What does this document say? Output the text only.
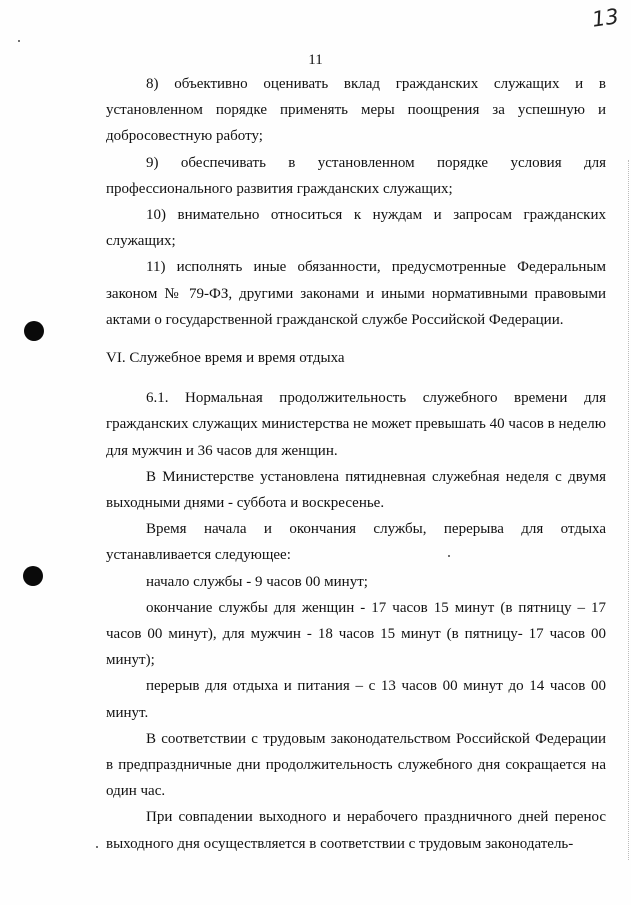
13
11

8) объективно оценивать вклад гражданских служащих и в установленном порядке применять меры поощрения за успешную и добросовестную работу;

9) обеспечивать в установленном порядке условия для профессионального развития гражданских служащих;

10) внимательно относиться к нуждам и запросам гражданских служащих;

11) исполнять иные обязанности, предусмотренные Федеральным законом № 79-ФЗ, другими законами и иными нормативными правовыми актами о государственной гражданской службе Российской Федерации.

VI. Служебное время и время отдыха

6.1. Нормальная продолжительность служебного времени для гражданских служащих министерства не может превышать 40 часов в неделю для мужчин и 36 часов для женщин.

В Министерстве установлена пятидневная служебная неделя с двумя выходными днями - суббота и воскресенье.

Время начала и окончания службы, перерыва для отдыха устанавливается следующее:

начало службы - 9 часов 00 минут;

окончание службы для женщин - 17 часов 15 минут (в пятницу – 17 часов 00 минут), для мужчин - 18 часов 15 минут (в пятницу- 17 часов 00 минут);

перерыв для отдыха и питания – с 13 часов 00 минут до 14 часов 00 минут.

В соответствии с трудовым законодательством Российской Федерации в предпраздничные дни продолжительность служебного дня сокращается на один час.

При совпадении выходного и нерабочего праздничного дней перенос выходного дня осуществляется в соответствии с трудовым законодатель-
